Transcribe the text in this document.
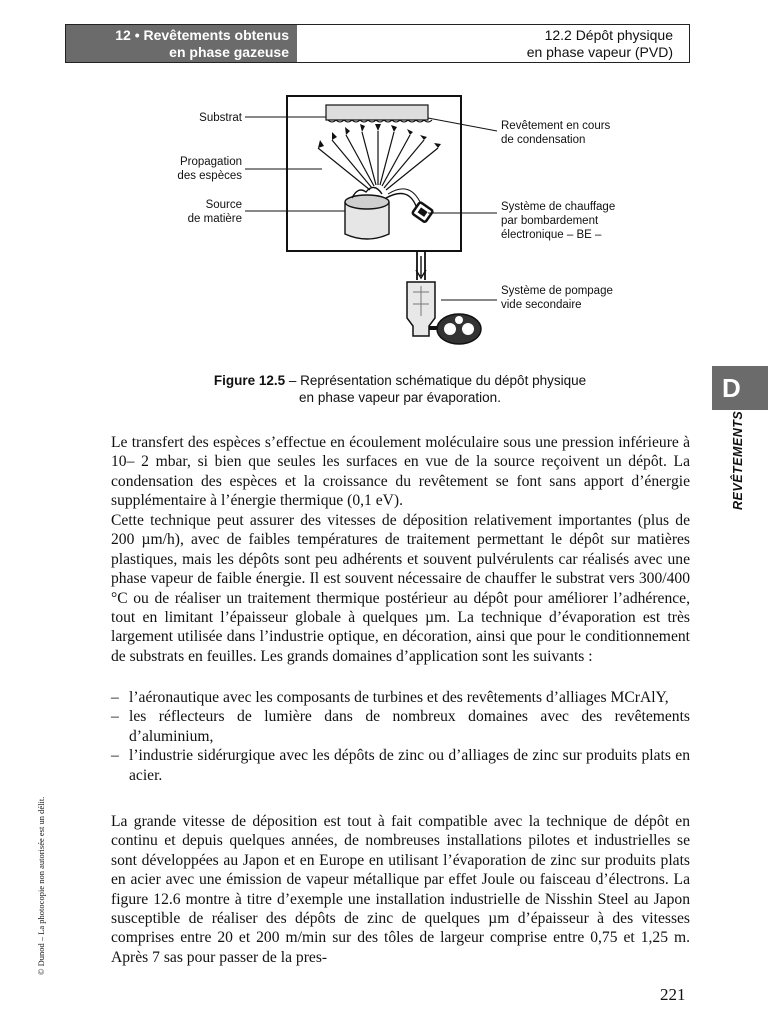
12 • Revêtements obtenus
en phase gazeuse
12.2 Dépôt physique
en phase vapeur (PVD)
Substrat
Propagation
des espèces
Source
de matière
Revêtement en cours
de condensation
Système de chauffage
par bombardement
électronique – BE –
Système de pompage
vide secondaire
Figure 12.5 – Représentation schématique du dépôt physique
en phase vapeur par évaporation.

Le transfert des espèces s’effectue en écoulement moléculaire sous une pression inférieure à 10– 2 mbar, si bien que seules les surfaces en vue de la source reçoivent un dépôt. La condensation des espèces et la croissance du revêtement se font sans apport d’énergie supplémentaire à l’énergie thermique (0,1 eV).

Cette technique peut assurer des vitesses de déposition relativement importantes (plus de 200 µm/h), avec de faibles températures de traitement permettant le dépôt sur matières plastiques, mais les dépôts sont peu adhérents et souvent pulvérulents car réalisés avec une phase vapeur de faible énergie. Il est souvent nécessaire de chauffer le substrat vers 300/400 °C ou de réaliser un traitement thermique postérieur au dépôt pour améliorer l’adhérence, tout en limitant l’épaisseur globale à quelques µm. La technique d’évaporation est très largement utilisée dans l’industrie optique, en décoration, ainsi que pour le conditionnement de substrats en feuilles. Les grands domaines d’application sont les suivants :

– l’aéronautique avec les composants de turbines et des revêtements d’alliages MCrAlY,
– les réflecteurs de lumière dans de nombreux domaines avec des revêtements d’aluminium,
– l’industrie sidérurgique avec les dépôts de zinc ou d’alliages de zinc sur produits plats en acier.

La grande vitesse de déposition est tout à fait compatible avec la technique de dépôt en continu et depuis quelques années, de nombreuses installations pilotes et industrielles se sont développées au Japon et en Europe en utilisant l’évaporation de zinc sur produits plats en acier avec une émission de vapeur métallique par effet Joule ou faisceau d’électrons. La figure 12.6 montre à titre d’exemple une installation industrielle de Nisshin Steel au Japon susceptible de réaliser des dépôts de zinc de quelques µm d’épaisseur à des vitesses comprises entre 20 et 200 m/min sur des tôles de largeur comprise entre 0,75 et 1,25 m. Après 7 sas pour passer de la pres-

D
REVÊTEMENTS
© Dunod – La photocopie non autorisée est un délit.
221
